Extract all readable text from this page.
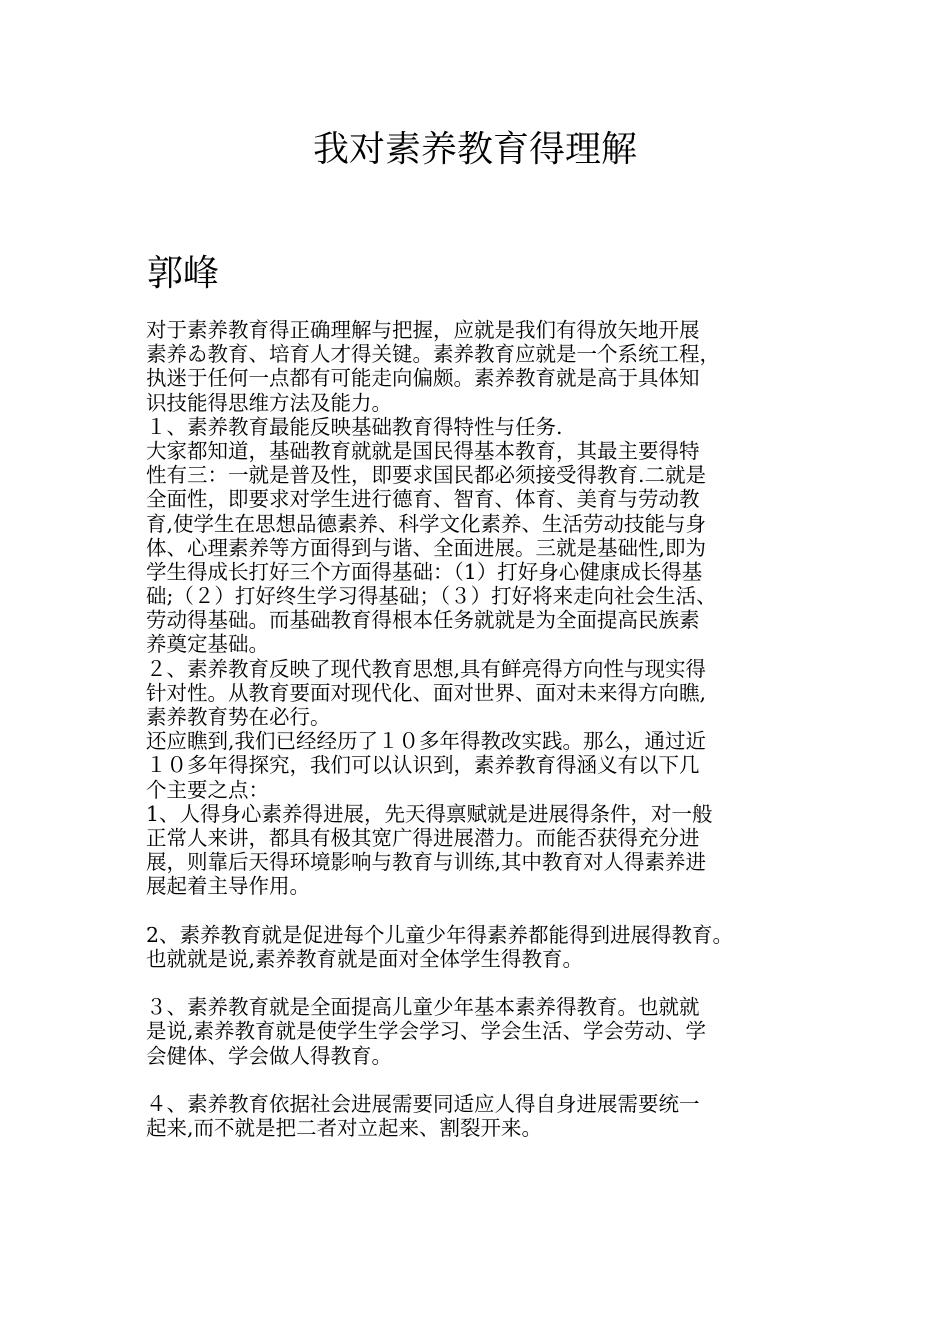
我对素养教育得理解
郭峰
对于素养教育得正确理解与把握，应就是我们有得放矢地开展
素养ゐ教育、培育人才得关键。素养教育应就是一个系统工程，
执迷于任何一点都有可能走向偏颇。素养教育就是高于具体知
识技能得思维方法及能力。
１、素养教育最能反映基础教育得特性与任务.
大家都知道，基础教育就就是国民得基本教育，其最主要得特
性有三：一就是普及性，即要求国民都必须接受得教育.二就是
全面性，即要求对学生进行德育、智育、体育、美育与劳动教
育,使学生在思想品德素养、科学文化素养、生活劳动技能与身
体、心理素养等方面得到与谐、全面进展。三就是基础性,即为
学生得成长打好三个方面得基础：（1）打好身心健康成长得基
础;（２）打好终生学习得基础；（３）打好将来走向社会生活、
劳动得基础。而基础教育得根本任务就就是为全面提高民族素
养奠定基础。
２、素养教育反映了现代教育思想,具有鲜亮得方向性与现实得
针对性。从教育要面对现代化、面对世界、面对未来得方向瞧,
素养教育势在必行。
还应瞧到,我们已经经历了１０多年得教改实践。那么，通过近
１０多年得探究，我们可以认识到，素养教育得涵义有以下几
个主要之点：
1、人得身心素养得进展，先天得禀赋就是进展得条件，对一般
正常人来讲，都具有极其宽广得进展潜力。而能否获得充分进
展，则靠后天得环境影响与教育与训练,其中教育对人得素养进
展起着主导作用。
2、素养教育就是促进每个儿童少年得素养都能得到进展得教育。
也就就是说,素养教育就是面对全体学生得教育。
３、素养教育就是全面提高儿童少年基本素养得教育。也就就
是说,素养教育就是使学生学会学习、学会生活、学会劳动、学
会健体、学会做人得教育。
４、素养教育依据社会进展需要同适应人得自身进展需要统一
起来,而不就是把二者对立起来、割裂开来。
